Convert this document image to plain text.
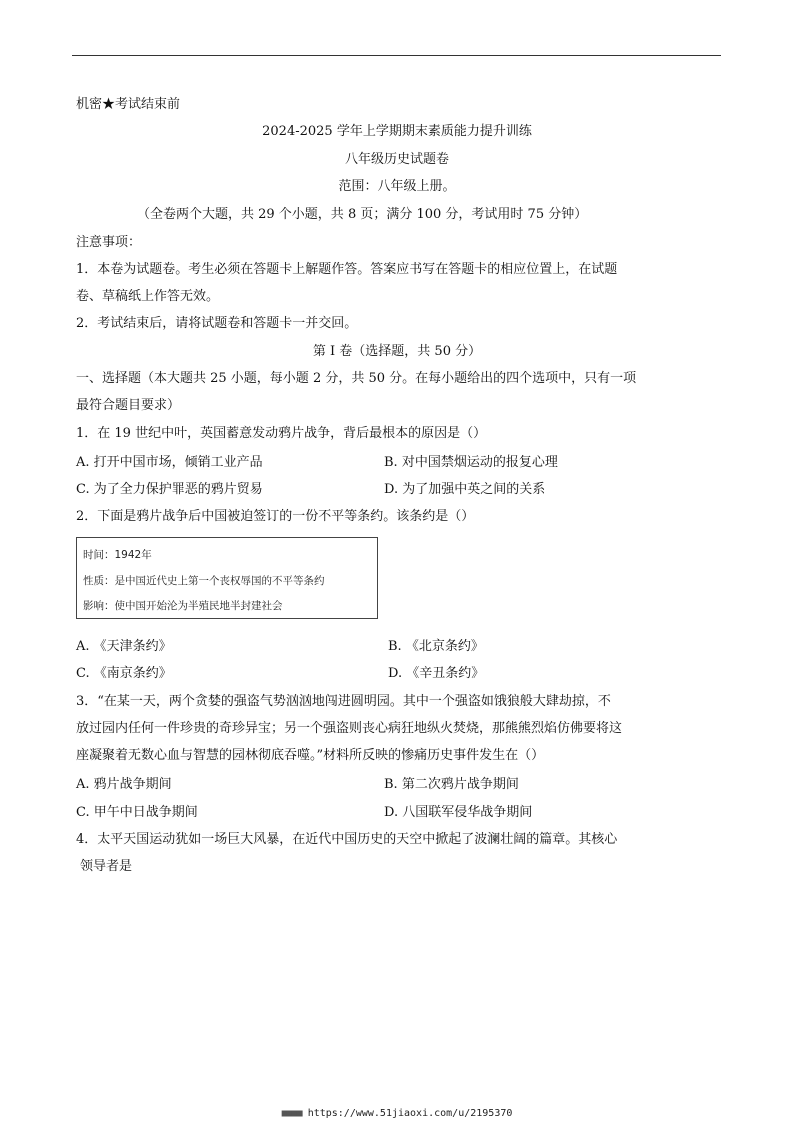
机密★考试结束前
2024-2025 学年上学期期末素质能力提升训练
八年级历史试题卷
范围：八年级上册。
（全卷两个大题，共 29 个小题，共 8 页；满分 100 分，考试用时 75 分钟）
注意事项：
1．本卷为试题卷。考生必须在答题卡上解题作答。答案应书写在答题卡的相应位置上，在试题
卷、草稿纸上作答无效。
2．考试结束后，请将试题卷和答题卡一并交回。
第 I 卷（选择题，共 50 分）
一、选择题（本大题共 25 小题，每小题 2 分，共 50 分。在每小题给出的四个选项中，只有一项
最符合题目要求）
1．在 19 世纪中叶，英国蓄意发动鸦片战争，背后最根本的原因是（）
A. 打开中国市场，倾销工业产品	B. 对中国禁烟运动的报复心理
C. 为了全力保护罪恶的鸦片贸易	D. 为了加强中英之间的关系
2．下面是鸦片战争后中国被迫签订的一份不平等条约。该条约是（）
时间：1942年
性质：是中国近代史上第一个丧权辱国的不平等条约
影响：使中国开始沦为半殖民地半封建社会
A. 《天津条约》	B. 《北京条约》
C. 《南京条约》	D. 《辛丑条约》
3．“在某一天，两个贪婪的强盗气势汹汹地闯进圆明园。其中一个强盗如饿狼般大肆劫掠，不
放过园内任何一件珍贵的奇珍异宝；另一个强盗则丧心病狂地纵火焚烧，那熊熊烈焰仿佛要将这
座凝聚着无数心血与智慧的园林彻底吞噬。”材料所反映的惨痛历史事件发生在（）
A. 鸦片战争期间	B. 第二次鸦片战争期间
C. 甲午中日战争期间	D. 八国联军侵华战争期间
4．太平天国运动犹如一场巨大风暴，在近代中国历史的天空中掀起了波澜壮阔的篇章。其核心
领导者是
■■■■ https://www.51jiaoxi.com/u/2195370
